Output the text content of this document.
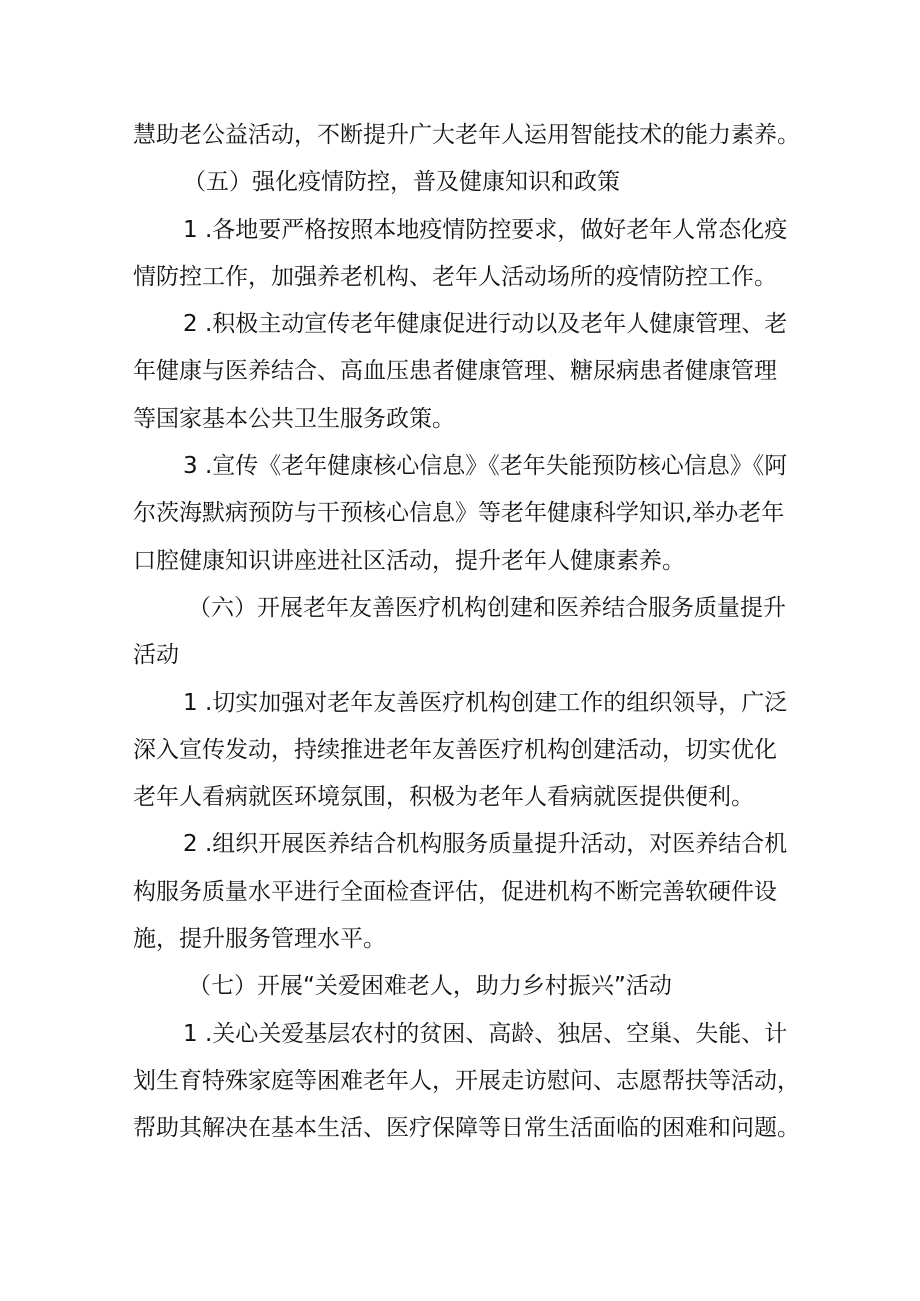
慧助老公益活动，不断提升广大老年人运用智能技术的能力素养。
（五）强化疫情防控，普及健康知识和政策
1 .各地要严格按照本地疫情防控要求，做好老年人常态化疫
情防控工作，加强养老机构、老年人活动场所的疫情防控工作。
2 .积极主动宣传老年健康促进行动以及老年人健康管理、老
年健康与医养结合、高血压患者健康管理、糖尿病患者健康管理
等国家基本公共卫生服务政策。
3 .宣传《老年健康核心信息》《老年失能预防核心信息》《阿
尔茨海默病预防与干预核心信息》等老年健康科学知识,举办老年
口腔健康知识讲座进社区活动，提升老年人健康素养。
（六）开展老年友善医疗机构创建和医养结合服务质量提升
活动
1 .切实加强对老年友善医疗机构创建工作的组织领导，广泛
深入宣传发动，持续推进老年友善医疗机构创建活动，切实优化
老年人看病就医环境氛围，积极为老年人看病就医提供便利。
2 .组织开展医养结合机构服务质量提升活动，对医养结合机
构服务质量水平进行全面检查评估，促进机构不断完善软硬件设
施，提升服务管理水平。
（七）开展“关爱困难老人，助力乡村振兴”活动
1 .关心关爱基层农村的贫困、高龄、独居、空巢、失能、计
划生育特殊家庭等困难老年人，开展走访慰问、志愿帮扶等活动，
帮助其解决在基本生活、医疗保障等日常生活面临的困难和问题。
